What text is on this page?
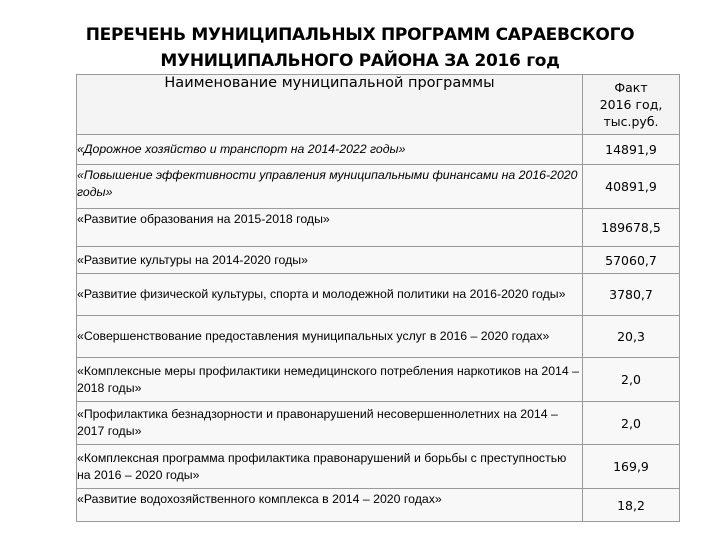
ПЕРЕЧЕНЬ МУНИЦИПАЛЬНЫХ ПРОГРАММ САРАЕВСКОГО
МУНИЦИПАЛЬНОГО РАЙОНА ЗА 2016 год
Наименование муниципальной программы	Факт
2016 год,
тыс.руб.

«Дорожное хозяйство и транспорт на 2014-2022 годы»	14891,9
«Повышение эффективности управления муниципальными финансами на 2016-2020 годы»	40891,9
«Развитие образования на 2015-2018 годы»	189678,5
«Развитие культуры на 2014-2020 годы»	57060,7
«Развитие физической культуры, спорта и молодежной политики на 2016-2020 годы»	3780,7
«Совершенствование предоставления муниципальных услуг в 2016 – 2020 годах»	20,3
«Комплексные меры профилактики немедицинского потребления наркотиков на 2014 – 2018 годы»	2,0
«Профилактика безнадзорности и правонарушений несовершеннолетних на 2014 – 2017 годы»	2,0
«Комплексная программа профилактика правонарушений и борьбы с преступностью на 2016 – 2020 годы»	169,9
«Развитие водохозяйственного комплекса в 2014 – 2020 годах»	18,2
